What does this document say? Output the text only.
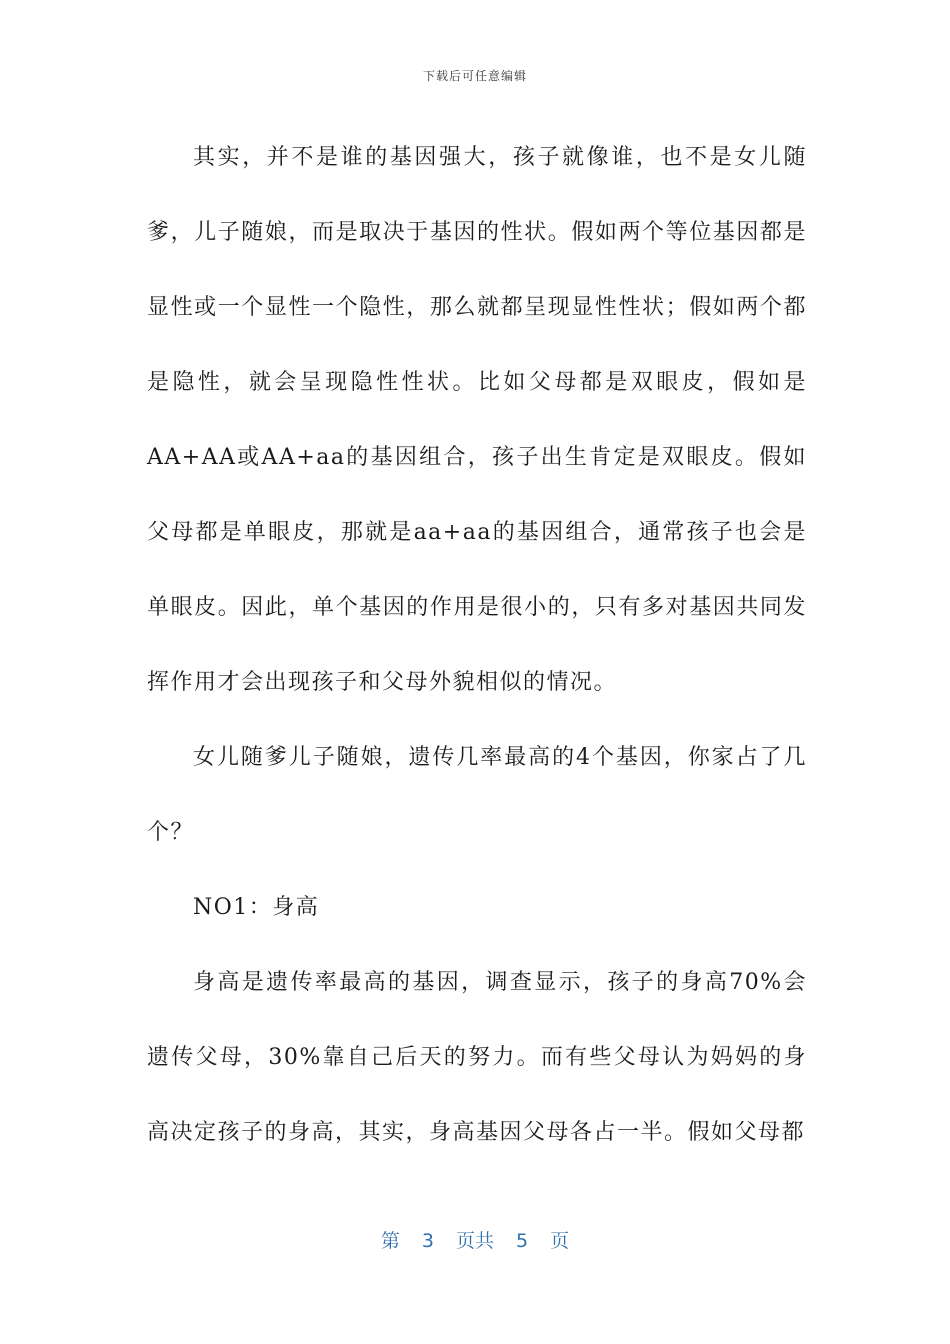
下载后可任意编辑

其实，并不是谁的基因强大，孩子就像谁，也不是女儿随爹，儿子随娘，而是取决于基因的性状。假如两个等位基因都是显性或一个显性一个隐性，那么就都呈现显性性状；假如两个都是隐性，就会呈现隐性性状。比如父母都是双眼皮，假如是AA+AA或AA+aa的基因组合，孩子出生肯定是双眼皮。假如父母都是单眼皮，那就是aa+aa的基因组合，通常孩子也会是单眼皮。因此，单个基因的作用是很小的，只有多对基因共同发挥作用才会出现孩子和父母外貌相似的情况。

女儿随爹儿子随娘，遗传几率最高的4个基因，你家占了几个？

NO1：身高

身高是遗传率最高的基因，调查显示，孩子的身高70%会遗传父母，30%靠自己后天的努力。而有些父母认为妈妈的身高决定孩子的身高，其实，身高基因父母各占一半。假如父母都

第 3 页共 5 页
